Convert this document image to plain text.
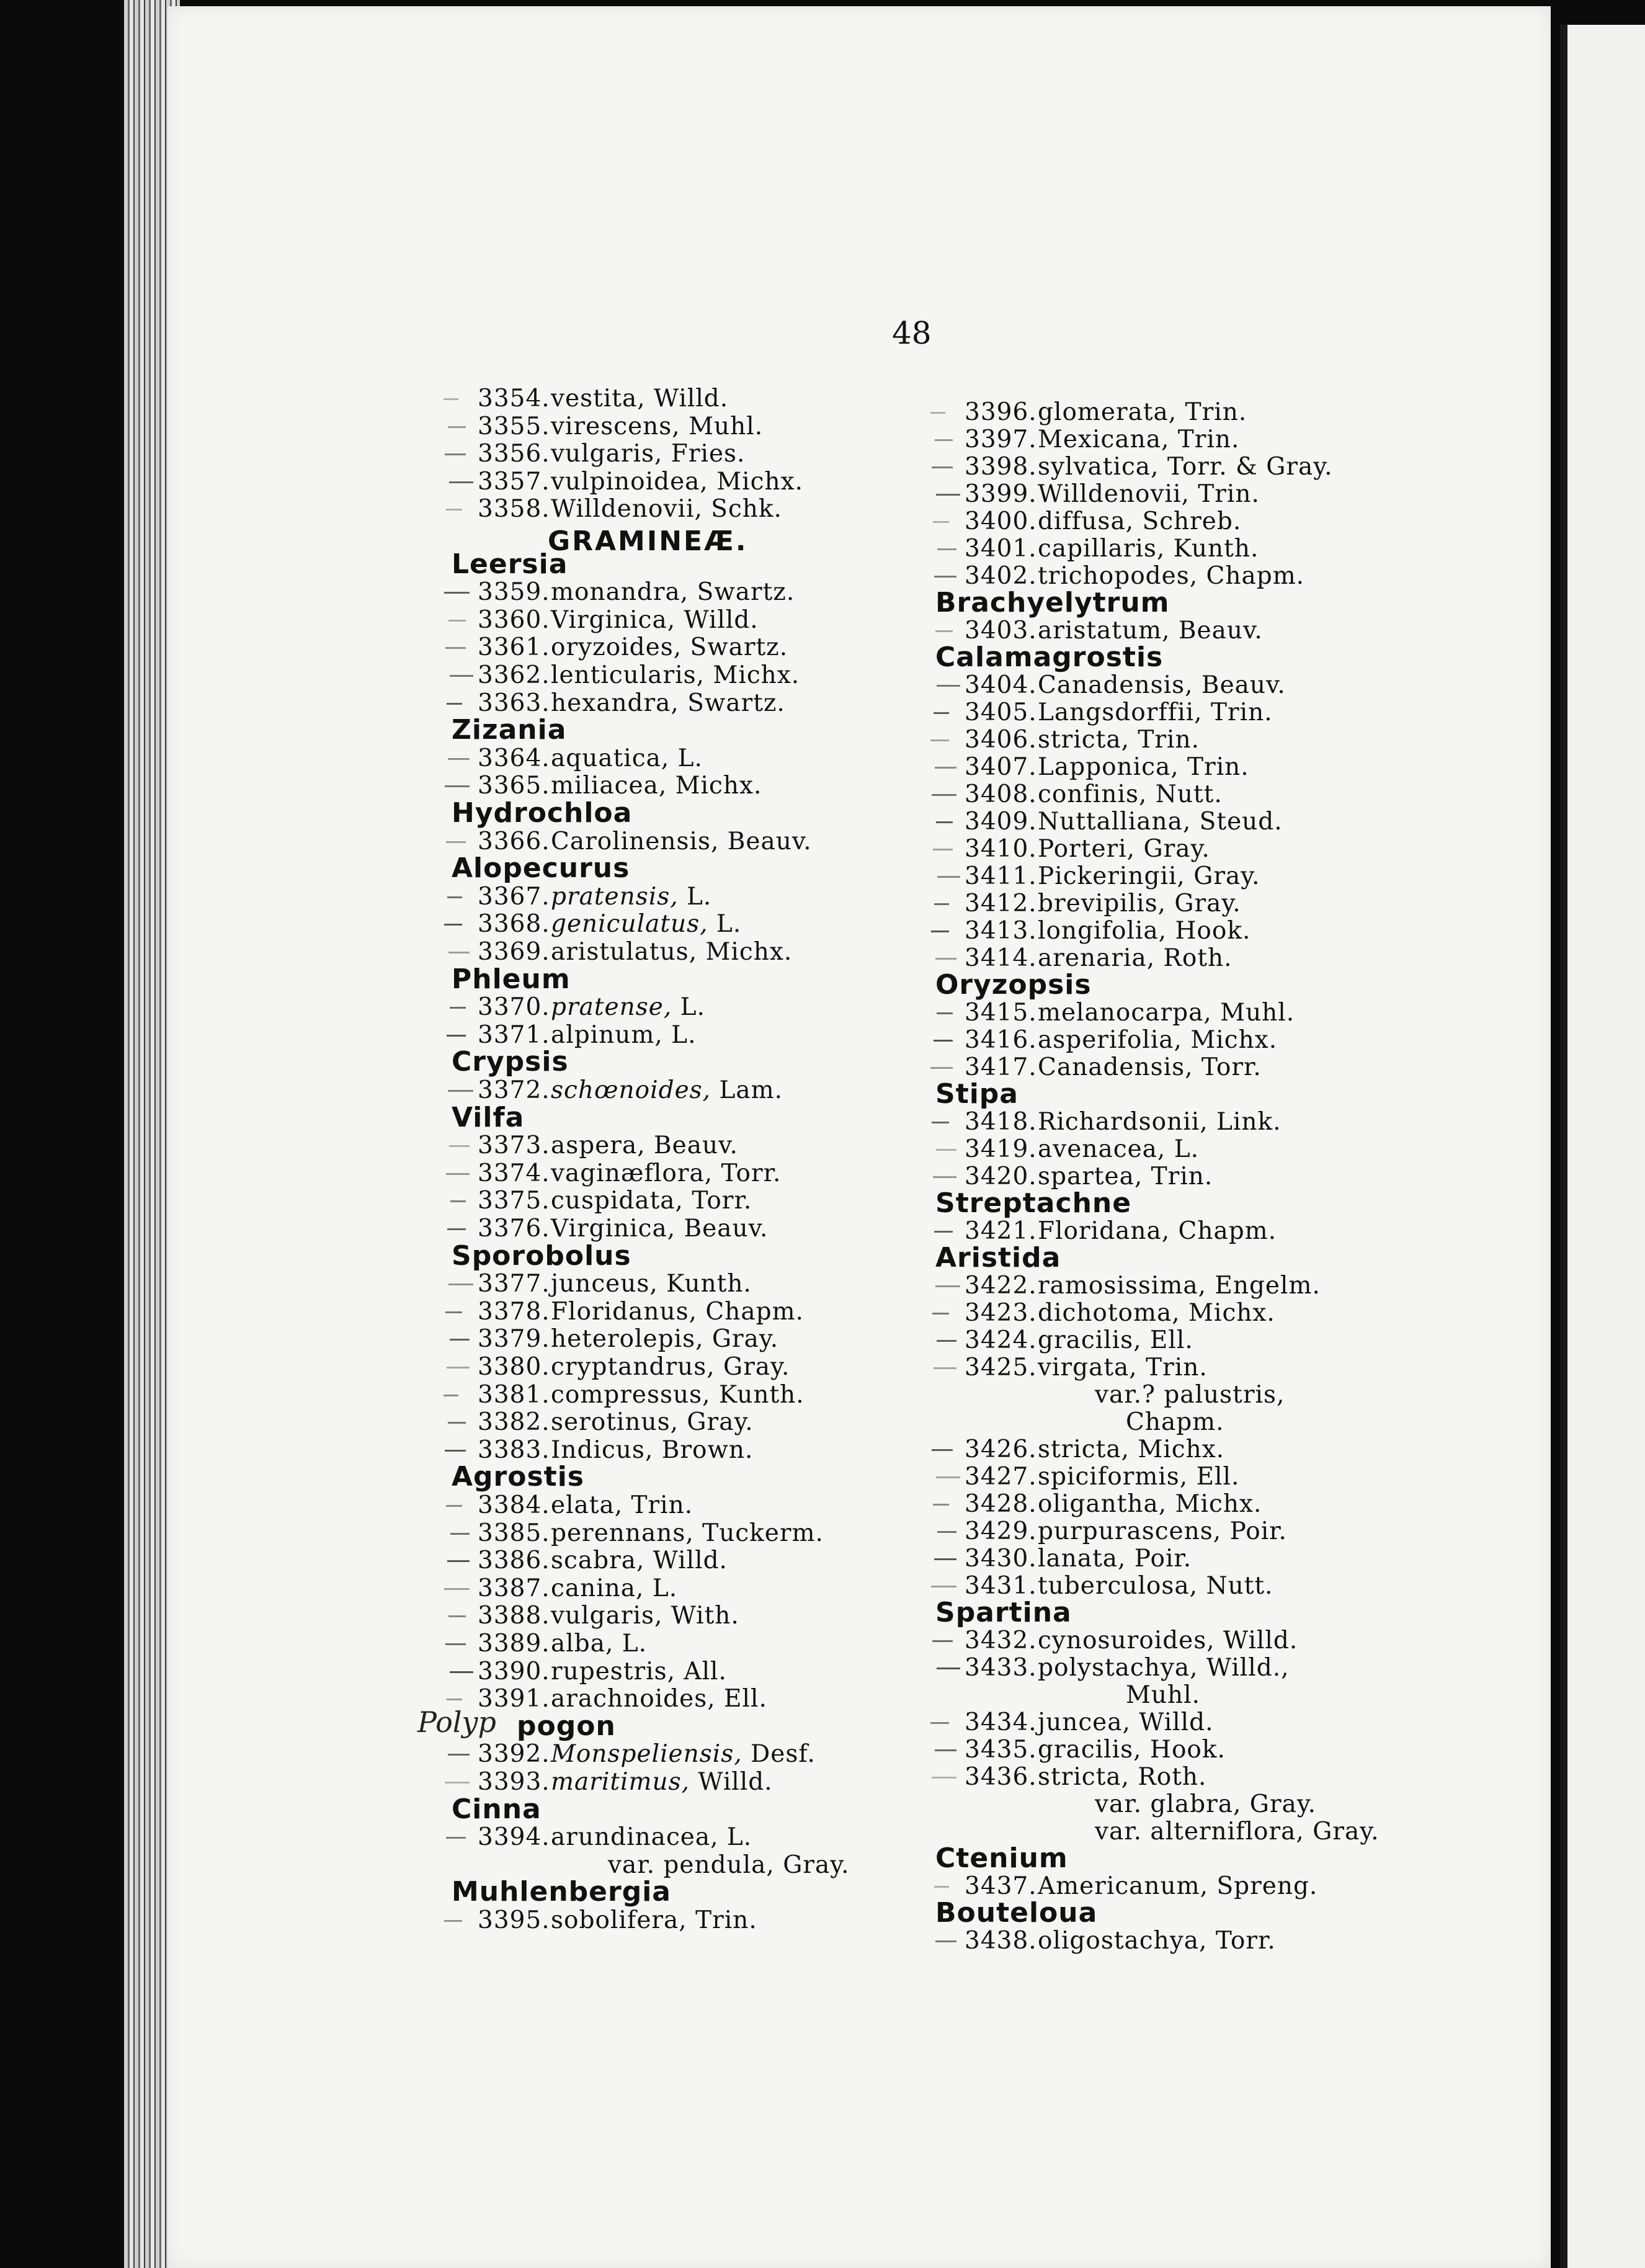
48
3354.vestita, Willd.
3355.virescens, Muhl.
3356.vulgaris, Fries.
3357.vulpinoidea, Michx.
3358.Willdenovii, Schk.
GRAMINEÆ.
Leersia
3359.monandra, Swartz.
3360.Virginica, Willd.
3361.oryzoides, Swartz.
3362.lenticularis, Michx.
3363.hexandra, Swartz.
Zizania
3364.aquatica, L.
3365.miliacea, Michx.
Hydrochloa
3366.Carolinensis, Beauv.
Alopecurus
3367.pratensis, L.
3368.geniculatus, L.
3369.aristulatus, Michx.
Phleum
3370.pratense, L.
3371.alpinum, L.
Crypsis
3372.schœnoides, Lam.
Vilfa
3373.aspera, Beauv.
3374.vaginæflora, Torr.
3375.cuspidata, Torr.
3376.Virginica, Beauv.
Sporobolus
3377.junceus, Kunth.
3378.Floridanus, Chapm.
3379.heterolepis, Gray.
3380.cryptandrus, Gray.
3381.compressus, Kunth.
3382.serotinus, Gray.
3383.Indicus, Brown.
Agrostis
3384.elata, Trin.
3385.perennans, Tuckerm.
3386.scabra, Willd.
3387.canina, L.
3388.vulgaris, With.
3389.alba, L.
3390.rupestris, All.
3391.arachnoides, Ell.
Polyp pogon
3392.Monspeliensis, Desf.
3393.maritimus, Willd.
Cinna
3394.arundinacea, L.
var. pendula, Gray.
Muhlenbergia
3395.sobolifera, Trin.
3396.glomerata, Trin.
3397.Mexicana, Trin.
3398.sylvatica, Torr. & Gray.
3399.Willdenovii, Trin.
3400.diffusa, Schreb.
3401.capillaris, Kunth.
3402.trichopodes, Chapm.
Brachyelytrum
3403.aristatum, Beauv.
Calamagrostis
3404.Canadensis, Beauv.
3405.Langsdorffii, Trin.
3406.stricta, Trin.
3407.Lapponica, Trin.
3408.confinis, Nutt.
3409.Nuttalliana, Steud.
3410.Porteri, Gray.
3411.Pickeringii, Gray.
3412.brevipilis, Gray.
3413.longifolia, Hook.
3414.arenaria, Roth.
Oryzopsis
3415.melanocarpa, Muhl.
3416.asperifolia, Michx.
3417.Canadensis, Torr.
Stipa
3418.Richardsonii, Link.
3419.avenacea, L.
3420.spartea, Trin.
Streptachne
3421.Floridana, Chapm.
Aristida
3422.ramosissima, Engelm.
3423.dichotoma, Michx.
3424.gracilis, Ell.
3425.virgata, Trin.
var.? palustris,
Chapm.
3426.stricta, Michx.
3427.spiciformis, Ell.
3428.oligantha, Michx.
3429.purpurascens, Poir.
3430.lanata, Poir.
3431.tuberculosa, Nutt.
Spartina
3432.cynosuroides, Willd.
3433.polystachya, Willd.,
Muhl.
3434.juncea, Willd.
3435.gracilis, Hook.
3436.stricta, Roth.
var. glabra, Gray.
var. alterniflora, Gray.
Ctenium
3437.Americanum, Spreng.
Bouteloua
3438.oligostachya, Torr.
